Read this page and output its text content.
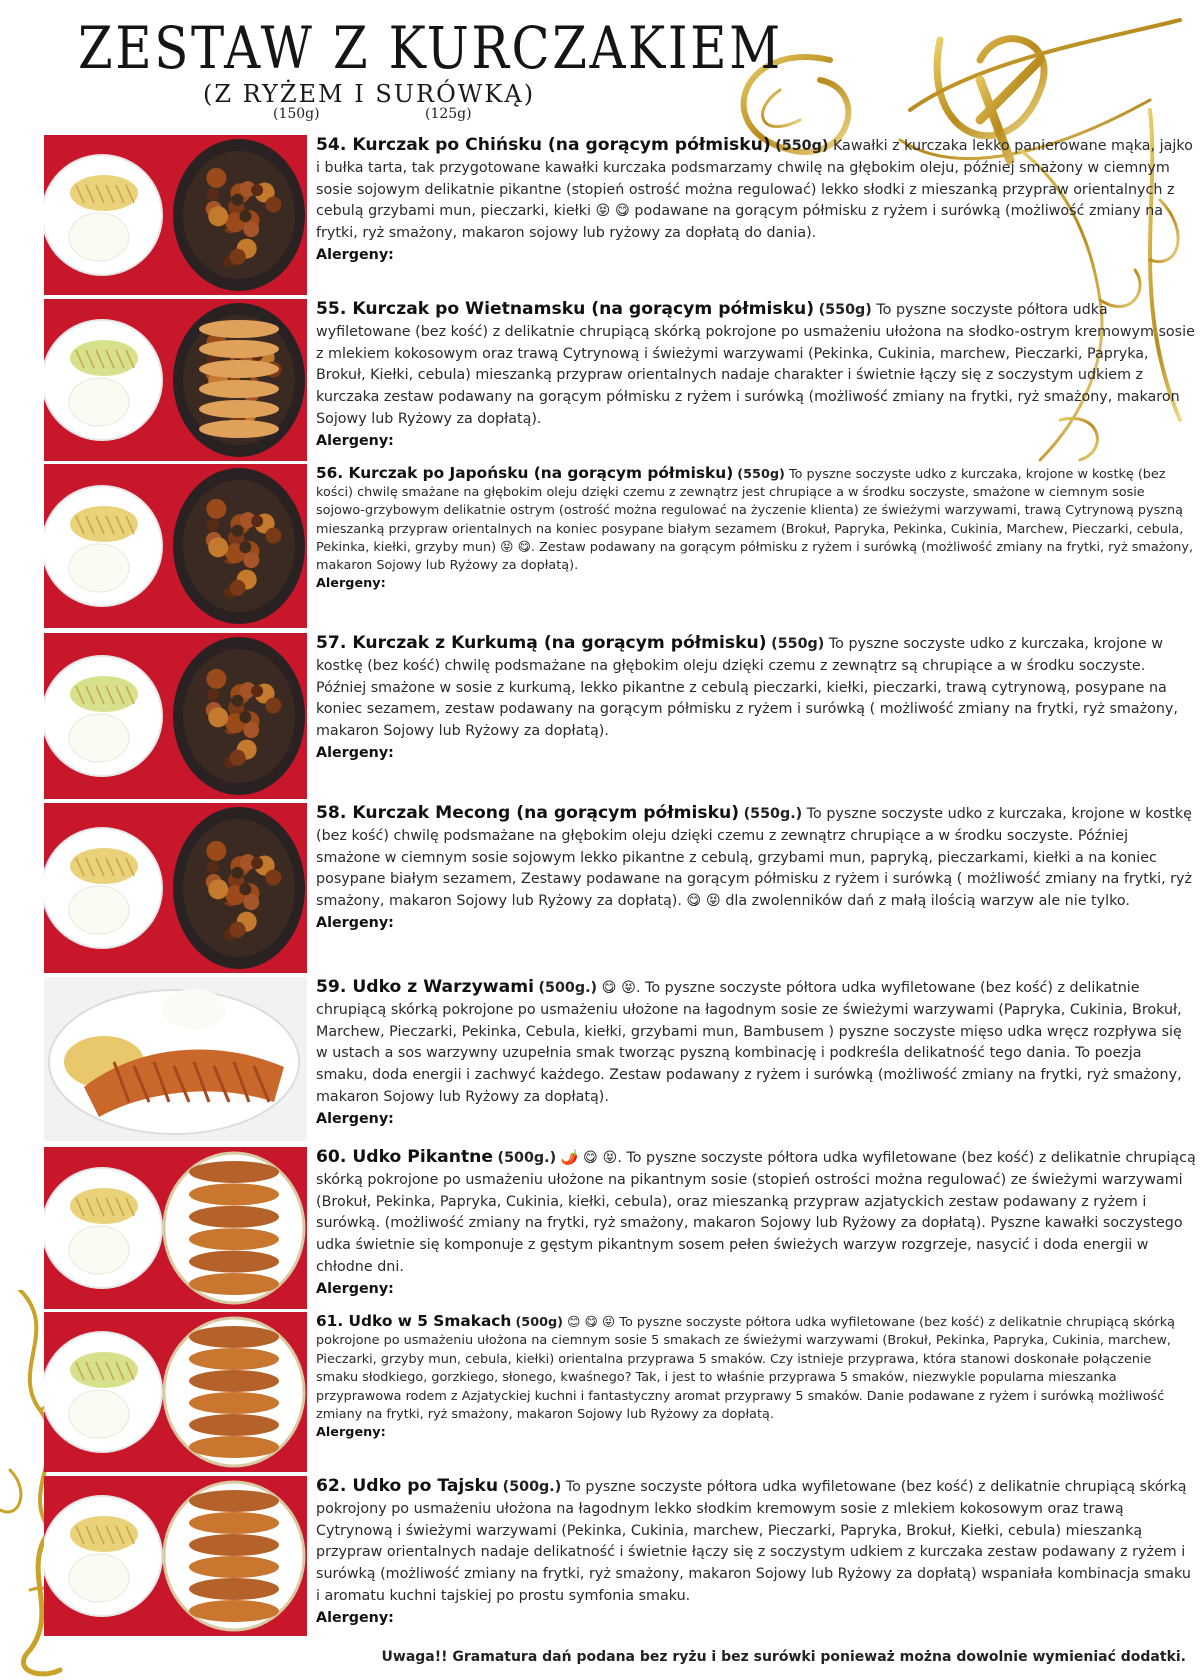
ZESTAW Z KURCZAKIEM
(Z RYŻEM I SURÓWKĄ)
(150g)	(125g)

54. Kurczak po Chińsku (na gorącym półmisku) (550g) Kawałki z kurczaka lekko panierowane mąka, jajko i bułka tarta, tak przygotowane kawałki kurczaka podsmarzamy chwilę na głębokim oleju, później smażony w ciemnym sosie sojowym delikatnie pikantne (stopień ostrość można regulować) lekko słodki z mieszanką przypraw orientalnych z cebulą grzybami mun, pieczarki, kiełki 😝 😋 podawane na gorącym półmisku z ryżem i surówką (możliwość zmiany na frytki, ryż smażony, makaron sojowy lub ryżowy za dopłatą do dania).

Alergeny:

55. Kurczak po Wietnamsku (na gorącym półmisku) (550g) To pyszne soczyste półtora udka wyfiletowane (bez kość) z delikatnie chrupiącą skórką pokrojone po usmażeniu ułożona na słodko-ostrym kremowym sosie z mlekiem kokosowym oraz trawą Cytrynową i świeżymi warzywami (Pekinka, Cukinia, marchew, Pieczarki, Papryka, Brokuł, Kiełki, cebula) mieszanką przypraw orientalnych nadaje charakter i świetnie łączy się z soczystym udkiem z kurczaka zestaw podawany na gorącym półmisku z ryżem i surówką (możliwość zmiany na frytki, ryż smażony, makaron Sojowy lub Ryżowy za dopłatą).

Alergeny:

56. Kurczak po Japońsku (na gorącym półmisku) (550g) To pyszne soczyste udko z kurczaka, krojone w kostkę (bez kości) chwilę smażane na głębokim oleju dzięki czemu z zewnątrz jest chrupiące a w środku soczyste, smażone w ciemnym sosie sojowo-grzybowym delikatnie ostrym (ostrość można regulować na życzenie klienta) ze świeżymi warzywami, trawą Cytrynową pyszną mieszanką przypraw orientalnych na koniec posypane białym sezamem (Brokuł, Papryka, Pekinka, Cukinia, Marchew, Pieczarki, cebula, Pekinka, kiełki, grzyby mun) 😝 😋. Zestaw podawany na gorącym półmisku z ryżem i surówką (możliwość zmiany na frytki, ryż smażony, makaron Sojowy lub Ryżowy za dopłatą).

Alergeny:

57. Kurczak z Kurkumą (na gorącym półmisku) (550g) To pyszne soczyste udko z kurczaka, krojone w kostkę (bez kość) chwilę podsmażane na głębokim oleju dzięki czemu z zewnątrz są chrupiące a w środku soczyste. Później smażone w sosie z kurkumą, lekko pikantne z cebulą pieczarki, kiełki, pieczarki, trawą cytrynową, posypane na koniec sezamem, zestaw podawany na gorącym półmisku z ryżem i surówką ( możliwość zmiany na frytki, ryż smażony, makaron Sojowy lub Ryżowy za dopłatą).

Alergeny:

58. Kurczak Mecong (na gorącym półmisku) (550g.) To pyszne soczyste udko z kurczaka, krojone w kostkę (bez kość) chwilę podsmażane na głębokim oleju dzięki czemu z zewnątrz chrupiące a w środku soczyste. Później smażone w ciemnym sosie sojowym lekko pikantne z cebulą, grzybami mun, papryką, pieczarkami, kiełki a na koniec posypane białym sezamem, Zestawy podawane na gorącym półmisku z ryżem i surówką ( możliwość zmiany na frytki, ryż smażony, makaron Sojowy lub Ryżowy za dopłatą). 😋 😝 dla zwolenników dań z małą ilością warzyw ale nie tylko.

Alergeny:

59. Udko z Warzywami (500g.) 😋 😝. To pyszne soczyste półtora udka wyfiletowane (bez kość) z delikatnie chrupiącą skórką pokrojone po usmażeniu ułożone na łagodnym sosie ze świeżymi warzywami (Papryka, Cukinia, Brokuł, Marchew, Pieczarki, Pekinka, Cebula, kiełki, grzybami mun, Bambusem ) pyszne soczyste mięso udka wręcz rozpływa się w ustach a sos warzywny uzupełnia smak tworząc pyszną kombinację i podkreśla delikatność tego dania. To poezja smaku, doda energii i zachwyć każdego. Zestaw podawany z ryżem i surówką (możliwość zmiany na frytki, ryż smażony, makaron Sojowy lub Ryżowy za dopłatą).

Alergeny:

60. Udko Pikantne (500g.) 🌶️ 😋 😝. To pyszne soczyste półtora udka wyfiletowane (bez kość) z delikatnie chrupiącą skórką pokrojone po usmażeniu ułożone na pikantnym sosie (stopień ostrości można regulować) ze świeżymi warzywami (Brokuł, Pekinka, Papryka, Cukinia, kiełki, cebula), oraz mieszanką przypraw azjatyckich zestaw podawany z ryżem i surówką. (możliwość zmiany na frytki, ryż smażony, makaron Sojowy lub Ryżowy za dopłatą). Pyszne kawałki soczystego udka świetnie się komponuje z gęstym pikantnym sosem pełen świeżych warzyw rozgrzeje, nasycić i doda energii w chłodne dni.

Alergeny:

61. Udko w 5 Smakach (500g) 😊 😋 😝 To pyszne soczyste półtora udka wyfiletowane (bez kość) z delikatnie chrupiącą skórką pokrojone po usmażeniu ułożona na ciemnym sosie 5 smakach ze świeżymi warzywami (Brokuł, Pekinka, Papryka, Cukinia, marchew, Pieczarki, grzyby mun, cebula, kiełki) orientalna przyprawa 5 smaków. Czy istnieje przyprawa, która stanowi doskonałe połączenie smaku słodkiego, gorzkiego, słonego, kwaśnego? Tak, i jest to właśnie przyprawa 5 smaków, niezwykle popularna mieszanka przyprawowa rodem z Azjatyckiej kuchni i fantastyczny aromat przyprawy 5 smaków. Danie podawane z ryżem i surówką możliwość zmiany na frytki, ryż smażony, makaron Sojowy lub Ryżowy za dopłatą.

Alergeny:

62. Udko po Tajsku (500g.) To pyszne soczyste półtora udka wyfiletowane (bez kość) z delikatnie chrupiącą skórką pokrojony po usmażeniu ułożona na łagodnym lekko słodkim kremowym sosie z mlekiem kokosowym oraz trawą Cytrynową i świeżymi warzywami (Pekinka, Cukinia, marchew, Pieczarki, Papryka, Brokuł, Kiełki, cebula) mieszanką przypraw orientalnych nadaje delikatność i świetnie łączy się z soczystym udkiem z kurczaka zestaw podawany z ryżem i surówką (możliwość zmiany na frytki, ryż smażony, makaron Sojowy lub Ryżowy za dopłatą) wspaniała kombinacja smaku i aromatu kuchni tajskiej po prostu symfonia smaku.

Alergeny:

Uwaga!! Gramatura dań podana bez ryżu i bez surówki ponieważ można dowolnie wymieniać dodatki.
